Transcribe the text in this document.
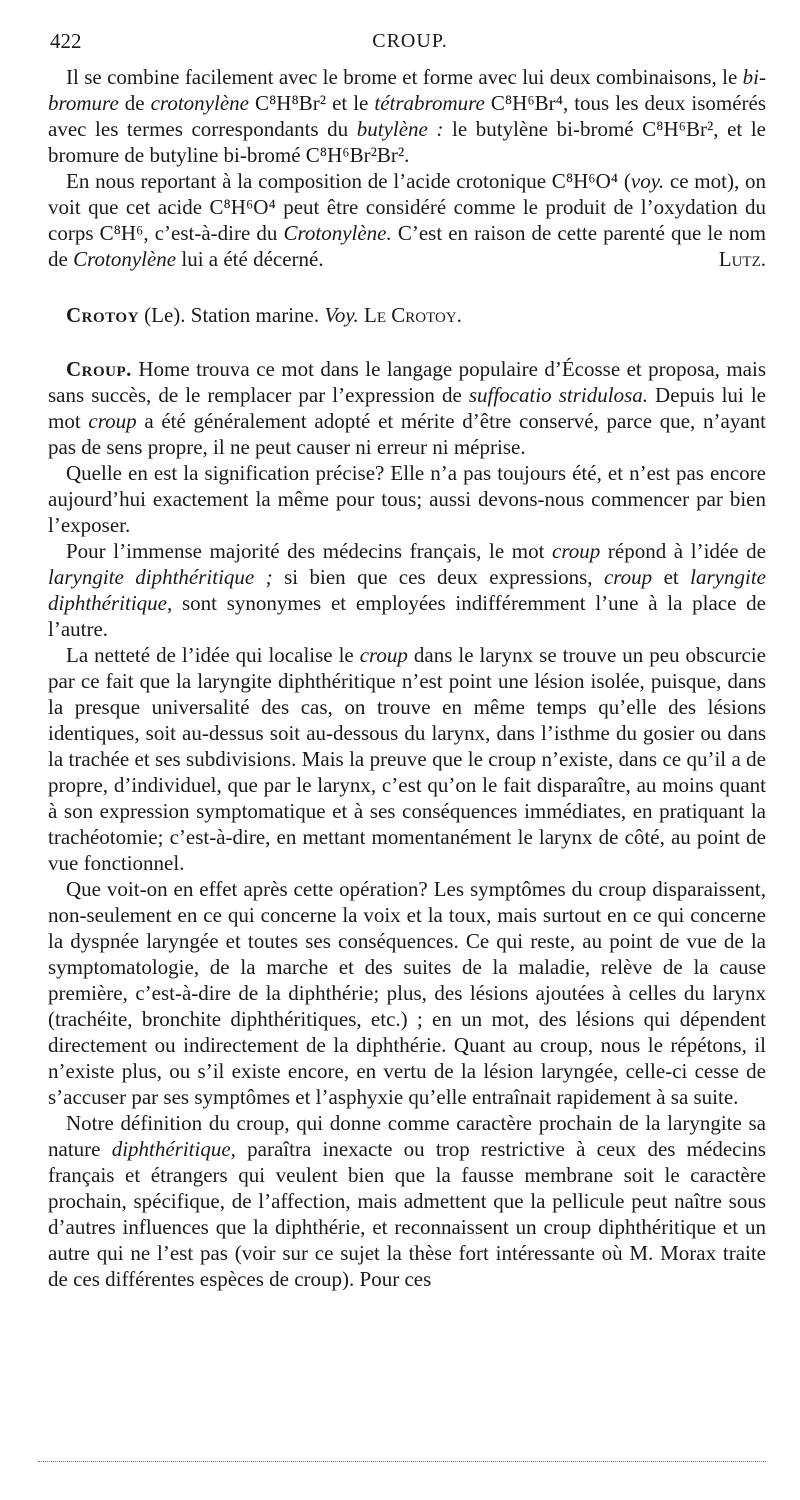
422	CROUP.

Il se combine facilement avec le brome et forme avec lui deux combinaisons, le bi-bromure de crotonylène C⁸H⁸Br² et le tétrabromure C⁸H⁶Br⁴, tous les deux isomérés avec les termes correspondants du butylène : le butylène bi-bromé C⁸H⁶Br², et le bromure de butyline bi-bromé C⁸H⁶Br²Br².

En nous reportant à la composition de l’acide crotonique C⁸H⁶O⁴ (voy. ce mot), on voit que cet acide C⁸H⁶O⁴ peut être considéré comme le produit de l’oxydation du corps C⁸H⁶, c’est-à-dire du Crotonylène. C’est en raison de cette parenté que le nom de Crotonylène lui a été décerné.	Lutz.

Crotoy (Le). Station marine. Voy. Le Crotoy.

Croup. Home trouva ce mot dans le langage populaire d’Écosse et proposa, mais sans succès, de le remplacer par l’expression de suffocatio stridulosa. Depuis lui le mot croup a été généralement adopté et mérite d’être conservé, parce que, n’ayant pas de sens propre, il ne peut causer ni erreur ni méprise.

Quelle en est la signification précise? Elle n’a pas toujours été, et n’est pas encore aujourd’hui exactement la même pour tous; aussi devons-nous commencer par bien l’exposer.

Pour l’immense majorité des médecins français, le mot croup répond à l’idée de laryngite diphthéritique ; si bien que ces deux expressions, croup et laryngite diphthéritique, sont synonymes et employées indifféremment l’une à la place de l’autre.

La netteté de l’idée qui localise le croup dans le larynx se trouve un peu obscurcie par ce fait que la laryngite diphthéritique n’est point une lésion isolée, puisque, dans la presque universalité des cas, on trouve en même temps qu’elle des lésions identiques, soit au-dessus soit au-dessous du larynx, dans l’isthme du gosier ou dans la trachée et ses subdivisions. Mais la preuve que le croup n’existe, dans ce qu’il a de propre, d’individuel, que par le larynx, c’est qu’on le fait disparaître, au moins quant à son expression symptomatique et à ses conséquences immédiates, en pratiquant la trachéotomie; c’est-à-dire, en mettant momentanément le larynx de côté, au point de vue fonctionnel.

Que voit-on en effet après cette opération? Les symptômes du croup disparaissent, non-seulement en ce qui concerne la voix et la toux, mais surtout en ce qui concerne la dyspnée laryngée et toutes ses conséquences. Ce qui reste, au point de vue de la symptomatologie, de la marche et des suites de la maladie, relève de la cause première, c’est-à-dire de la diphthérie; plus, des lésions ajoutées à celles du larynx (trachéite, bronchite diphthéritiques, etc.) ; en un mot, des lésions qui dépendent directement ou indirectement de la diphthérie. Quant au croup, nous le répétons, il n’existe plus, ou s’il existe encore, en vertu de la lésion laryngée, celle-ci cesse de s’accuser par ses symptômes et l’asphyxie qu’elle entraînait rapidement à sa suite.

Notre définition du croup, qui donne comme caractère prochain de la laryngite sa nature diphthéritique, paraîtra inexacte ou trop restrictive à ceux des médecins français et étrangers qui veulent bien que la fausse membrane soit le caractère prochain, spécifique, de l’affection, mais admettent que la pellicule peut naître sous d’autres influences que la diphthérie, et reconnaissent un croup diphthéritique et un autre qui ne l’est pas (voir sur ce sujet la thèse fort intéressante où M. Morax traite de ces différentes espèces de croup). Pour ces
